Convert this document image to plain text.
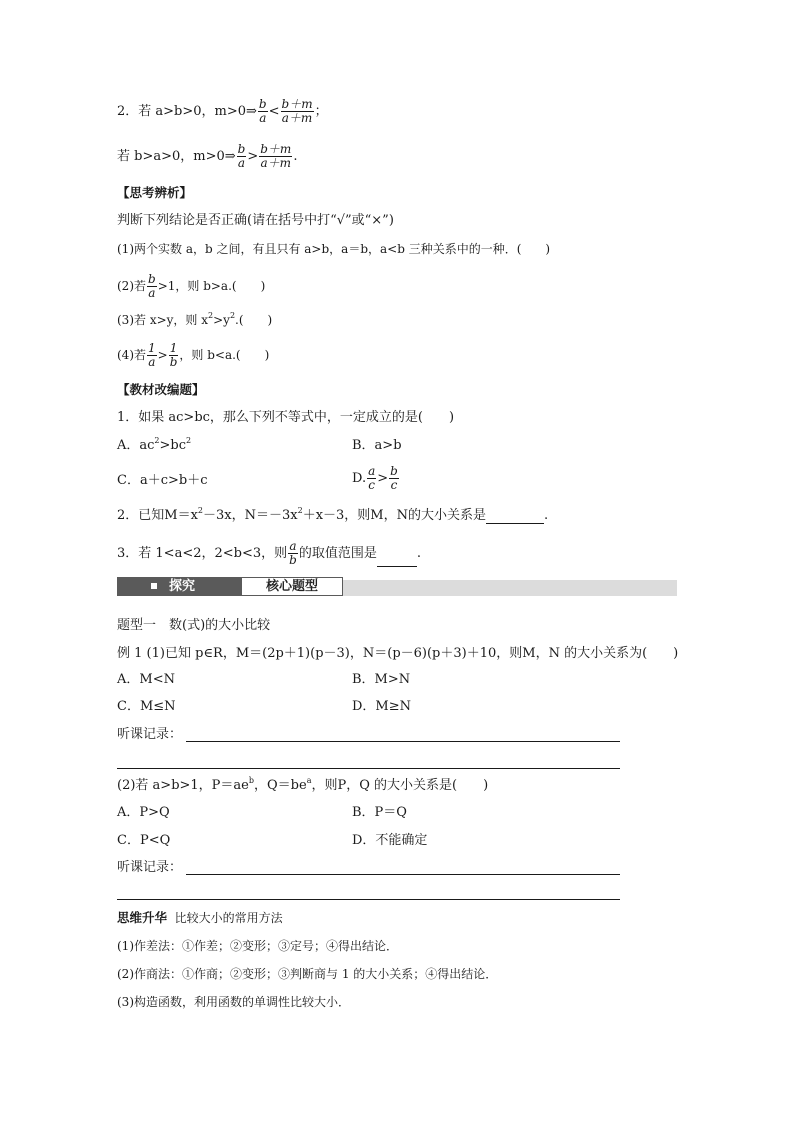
2．若 a>b>0，m>0⇒ $\frac{b}{a} < \frac{b+m}{a+m}$ ；
若 b>a>0，m>0⇒ $\frac{b}{a} > \frac{b+m}{a+m}$ .
【思考辨析】
判断下列结论是否正确(请在括号中打“√”或“×”)
(1)两个实数 a，b 之间，有且只有 a>b，a＝b，a<b 三种关系中的一种．(　　)
(2)若 $\frac{b}{a} >1$，则 b>a.(　　)
(3)若 x>y，则 $x^2>y^2$.(　　)
(4)若 $\frac{1}{a} > \frac{1}{b}$ ，则 b<a.(　　)
【教材改编题】
1．如果 ac>bc，那么下列不等式中，一定成立的是(　　)
A．$ac^2>bc^2$	B．a>b
C．a＋c>b＋c	D. $\frac{a}{c} > \frac{b}{c}$
2．已知$M=x^2-3x$，$N=-3x^2+x-3$，则M，N的大小关系是	.
3．若 1<a<2，2<b<3，则 $\frac{a}{b}$ 的取值范围是	.
探究	核心题型
题型一　数(式)的大小比较
例 1 (1)已知 p∈R，M＝(2p＋1)(p－3)，N＝(p－6)(p＋3)＋10，则M，N 的大小关系为(　　)
A．M<N	B．M>N
C．M≤N	D．M≥N
听课记录：
(2)若 a>b>1，$P=ae^b$，$Q=be^a$，则P，Q 的大小关系是(　　)
A．P>Q	B．P＝Q
C．P<Q	D．不能确定
听课记录：
思维升华 比较大小的常用方法
(1)作差法：①作差；②变形；③定号；④得出结论．
(2)作商法：①作商；②变形；③判断商与 1 的大小关系；④得出结论．
(3)构造函数，利用函数的单调性比较大小．
